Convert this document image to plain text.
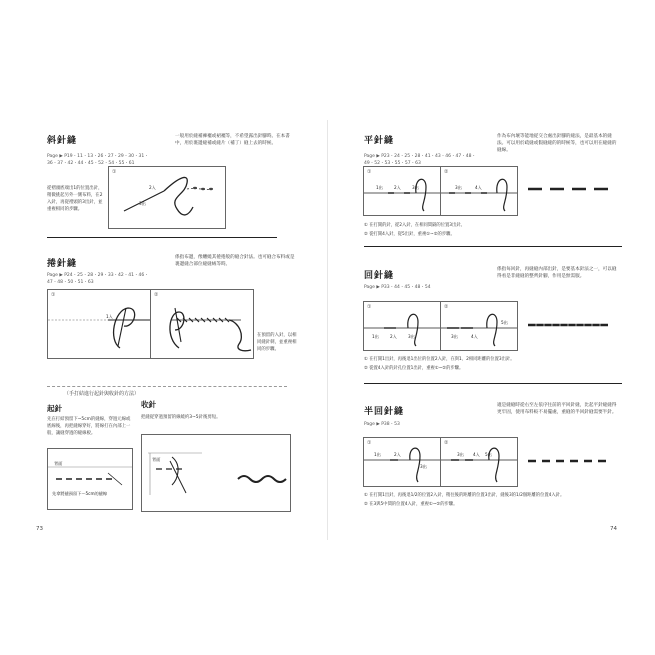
斜針縫
Page ▶ P19・11・13・26・27・29・30・31・36・37・42・44・45・52・54・55・61
一般用於縫補褲襬或裙襬等，不希望露出針腳時。在本書中，用於裹邊縫補或縫片（補丁）縫上去的時候。
從褶頭底端出1的位置出針，稍微挑起另外一側布料，在2入針，再從褶頭的3出針，並重複相同的步驟。
①
2入
3出
捲針縫
Page ▶ P24・25・28・29・33・42・41・46・47・48・50・51・63
係指布邊，像纏繞其捲捲般的縫合針法。也可縫合布料或是裹邊縫合部位縫縫絨等時。
①
1入
②
在預留的入針，以相同縫針刺，並重複相同的步驟。
（手打結進行起針與收針的方法）
起針
先在打結預留下~5cm的縫線，穿過元線或底線後，再把縫線穿好，將線打在內部上一般，讓縫穿過的縫線板。
背面
先拿將縫預留下～5cm的縫線
收針
把縫從穿過預留的線繞約3~5針後剪短。
背面
73
平針縫
Page ▶ P23・24・25・28・41・43・46・47・48・49・52・53・55・57・63
作為布內壞等能地從交合處出針腳的縫法，是最基本的縫法。可以用於疏縫或假縫縫的的時候等，也可以用在縫縫的縫線。
①
1出	2入	3出
②
3出	4入
① 在打開的針，從2入針，在相同間隔的位置3出針。
② 從打開4入針，從5出針，重複①~②的步驟。
回針縫
Page ▶ P33・44・45・48・54
係指每回針，再縫縫內部出針，是要基本針法之一，可以縫得看是非縫縫的整齊針腳，作用是無需服。
①
1出	2入	3出
②
3出	4入
5出
① 在打開1出針，再後退1出位的位置2入針，在與1、2相同距離的位置3出針。
② 從置4入針的針孔位置1出針，重複①~②的步驟。
半回針縫
Page ▶ P38・53
適是縫縫時從右至左依序往前的平回針縫，比起平針縫縫得更牢固，使用布料較不易擺處，重縫的半回針縫需要半針。
①
1出	2入
3出
②
3出 4入 5出
① 在打開1出針，再後退1/2的位置2入針，稍往後的距離的位置3出針，縫後3的1/2個距離的位置4入針。
② 在3與5中間的位置4入針，重複①~②的步驟。
74
